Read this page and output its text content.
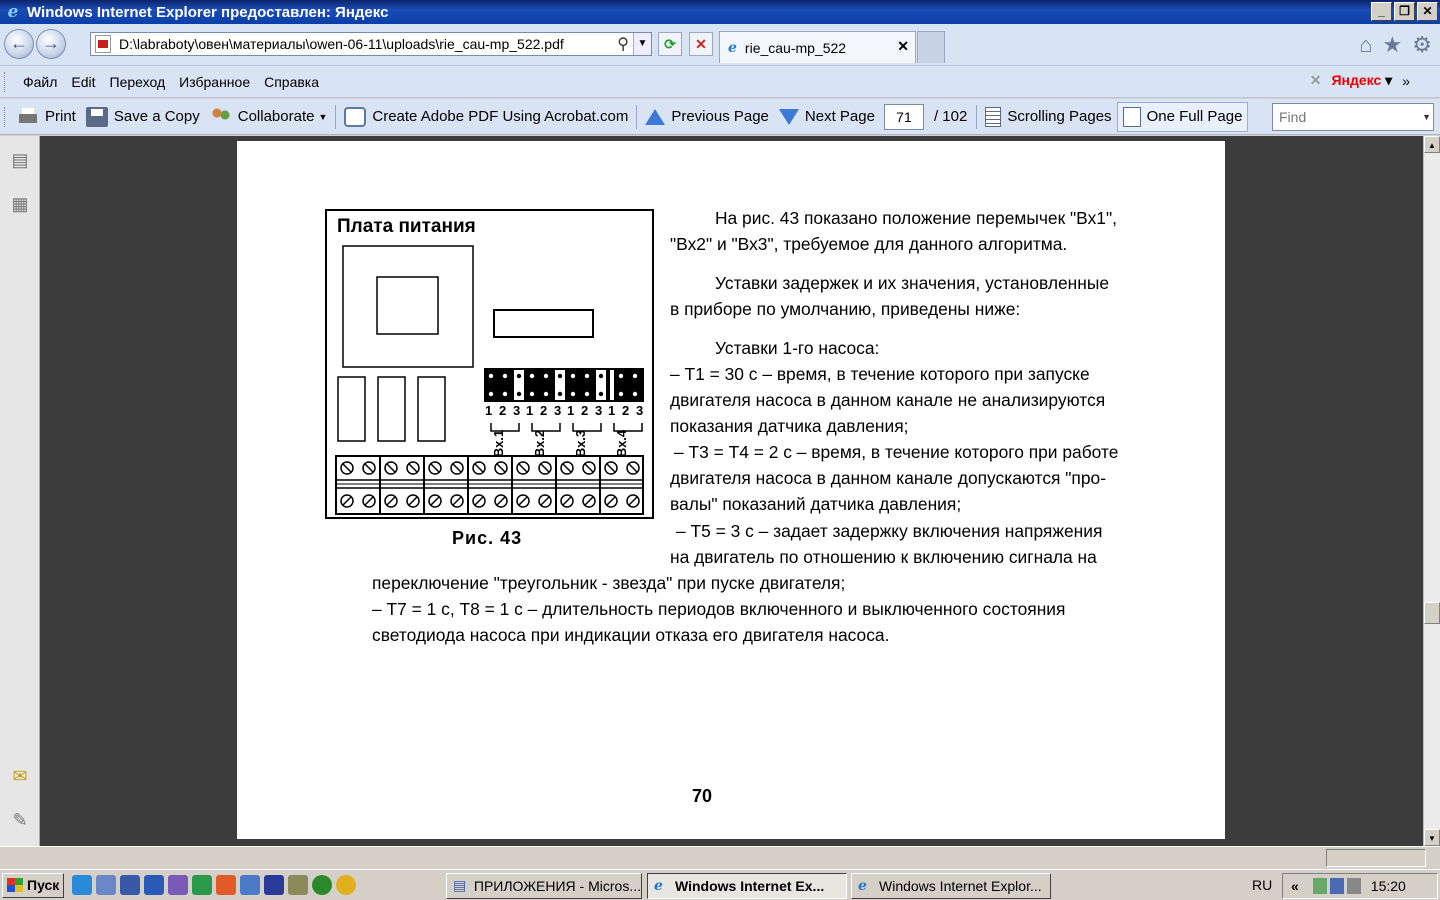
e Windows Internet Explorer предоставлен: Яндекс	_	❐	✕
← →	D:\labraboty\овен\материалы\owen-06-11\uploads\rie_cau-mp_522.pdf	⚲ ▼	⟳	✕	e rie_cau-mp_522	✕	⌂ ★ ⚙
Файл	Edit	Переход	Избранное	Справка	✕ Яндекс ▾ »
Print	Save a Copy	Collaborate ▼	Create Adobe PDF Using Acrobat.com	Previous Page Next Page	71	/ 102	Scrolling Pages One Full Page	Find	▼
▤
▦
✉
✎
Плата питания
1 2 3 1 2 3 1 2 3 1 2 3
Вх.1 Вх.2 Вх.3 Вх.4
Рис. 43
На рис. 43 показано положение перемычек "Вх1",
"Вх2" и "Вх3", требуемое для данного алгоритма.
Уставки задержек и их значения, установленные
в приборе по умолчанию, приведены ниже:
Уставки 1-го насоса:
– Т1 = 30 с – время, в течение которого при запуске
двигателя насоса в данном канале не анализируются
показания датчика давления;
– Т3 = Т4 = 2 с – время, в течение которого при работе
двигателя насоса в данном канале допускаются "про-
валы" показаний датчика давления;
– Т5 = 3 с – задает задержку включения напряжения
на двигатель по отношению к включению сигнала на
переключение "треугольник - звезда" при пуске двигателя;
– Т7 = 1 с, Т8 = 1 с – длительность периодов включенного и выключенного состояния
светодиода насоса при индикации отказа его двигателя насоса.
70
▲
▼
Пуск	▤ ПРИЛОЖЕНИЯ - Micros... e Windows Internet Ex... e Windows Internet Explor...	RU «	15:20
